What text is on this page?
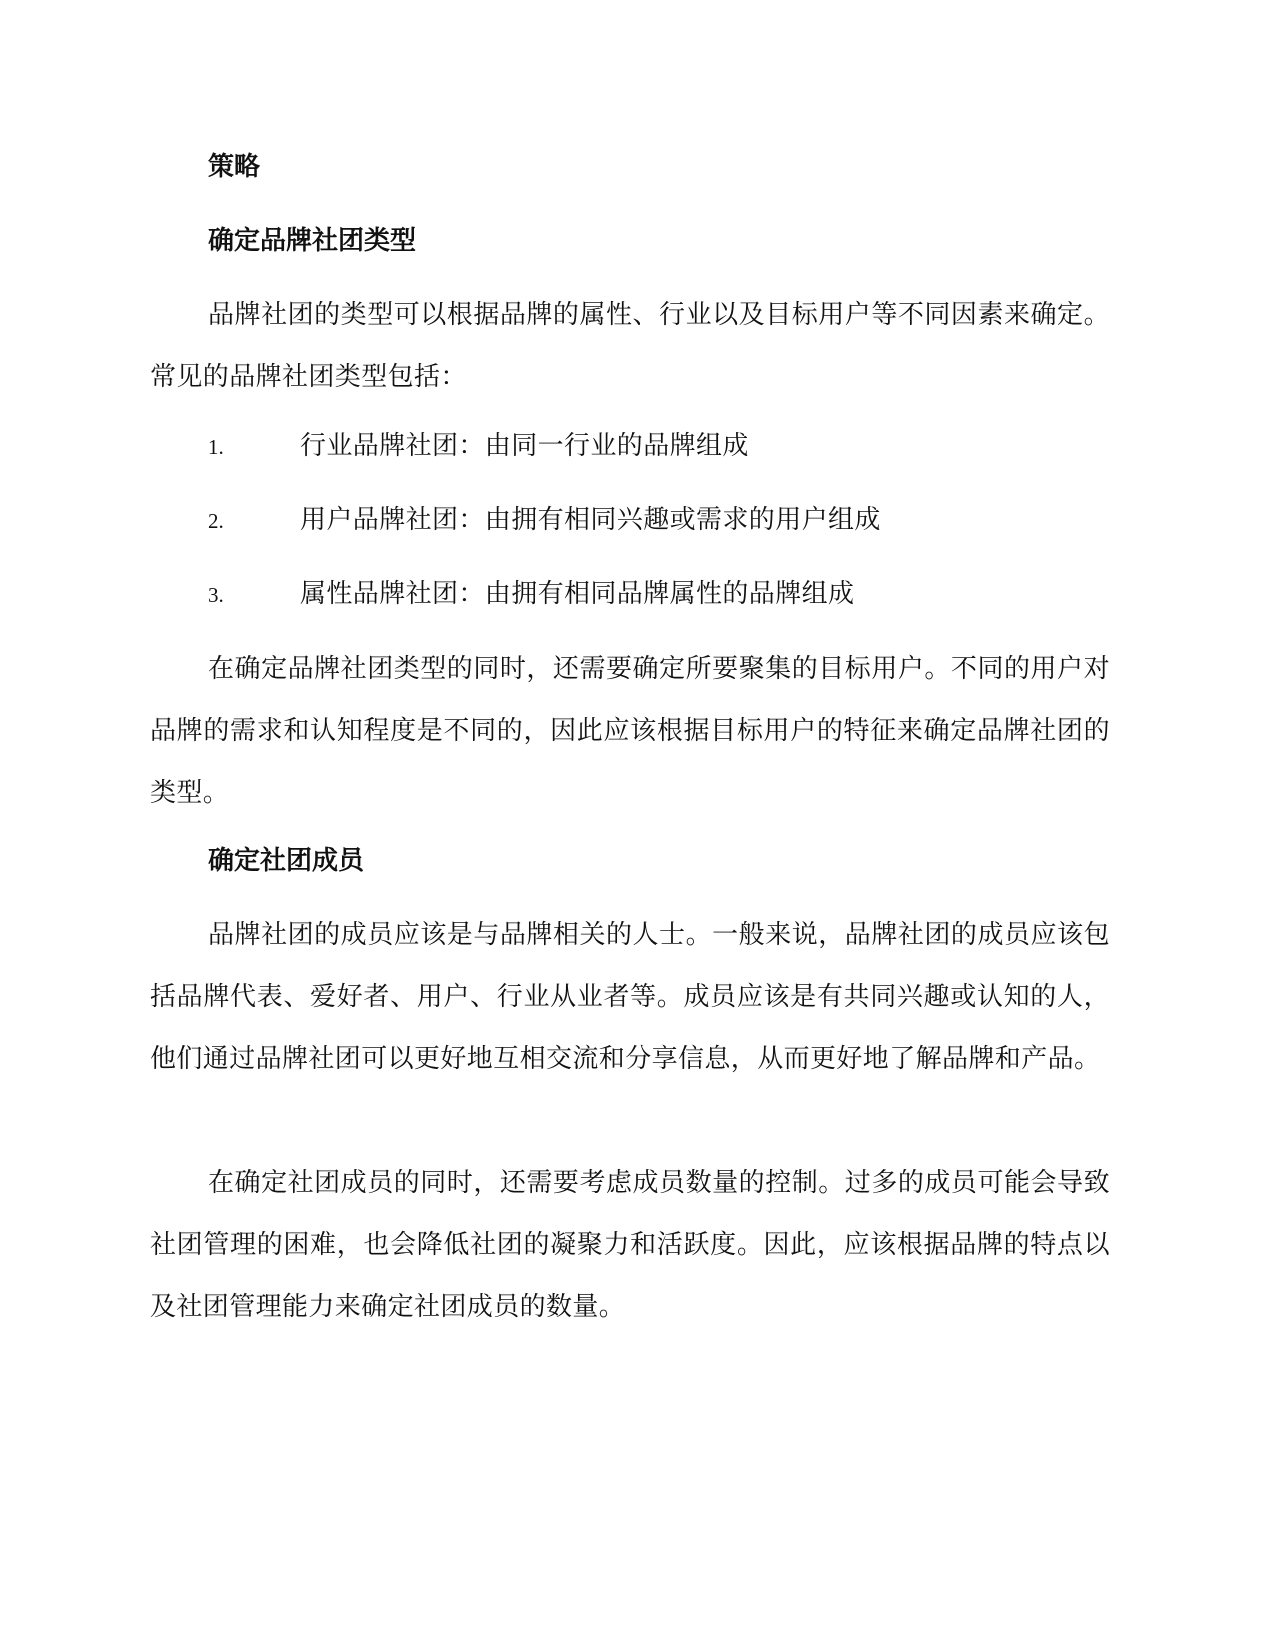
策略
确定品牌社团类型
品牌社团的类型可以根据品牌的属性、行业以及目标用户等不同因素来确定。常见的品牌社团类型包括：
1.	行业品牌社团：由同一行业的品牌组成
2.	用户品牌社团：由拥有相同兴趣或需求的用户组成
3.	属性品牌社团：由拥有相同品牌属性的品牌组成
在确定品牌社团类型的同时，还需要确定所要聚集的目标用户。不同的用户对品牌的需求和认知程度是不同的，因此应该根据目标用户的特征来确定品牌社团的类型。
确定社团成员
品牌社团的成员应该是与品牌相关的人士。一般来说，品牌社团的成员应该包括品牌代表、爱好者、用户、行业从业者等。成员应该是有共同兴趣或认知的人，他们通过品牌社团可以更好地互相交流和分享信息，从而更好地了解品牌和产品。
在确定社团成员的同时，还需要考虑成员数量的控制。过多的成员可能会导致社团管理的困难，也会降低社团的凝聚力和活跃度。因此，应该根据品牌的特点以及社团管理能力来确定社团成员的数量。
